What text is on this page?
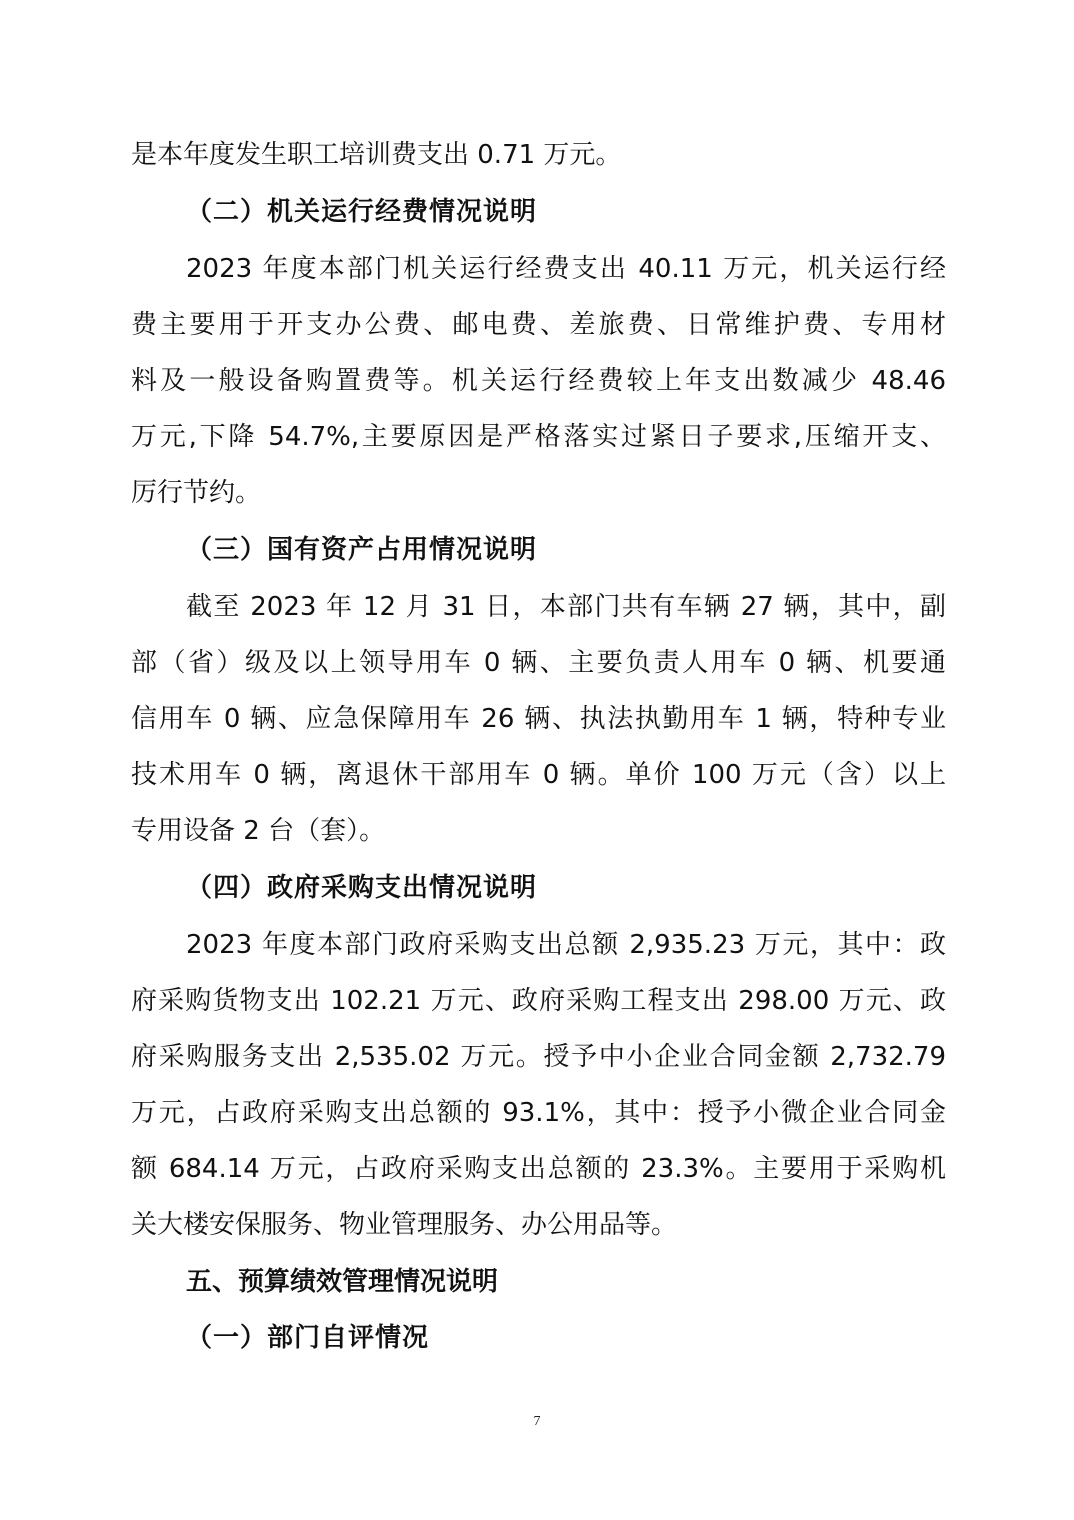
是本年度发生职工培训费支出 0.71 万元。
（二）机关运行经费情况说明
2023 年度本部门机关运行经费支出 40.11 万元，机关运行经
费主要用于开支办公费、邮电费、差旅费、日常维护费、专用材
料及一般设备购置费等。机关运行经费较上年支出数减少 48.46
万元,下降 54.7%,主要原因是严格落实过紧日子要求,压缩开支、
厉行节约。
（三）国有资产占用情况说明
截至 2023 年 12 月 31 日，本部门共有车辆 27 辆，其中，副
部（省）级及以上领导用车 0 辆、主要负责人用车 0 辆、机要通
信用车 0 辆、应急保障用车 26 辆、执法执勤用车 1 辆，特种专业
技术用车 0 辆，离退休干部用车 0 辆。单价 100 万元（含）以上
专用设备 2 台（套）。
（四）政府采购支出情况说明
2023 年度本部门政府采购支出总额 2,935.23 万元，其中：政
府采购货物支出 102.21 万元、政府采购工程支出 298.00 万元、政
府采购服务支出 2,535.02 万元。授予中小企业合同金额 2,732.79
万元，占政府采购支出总额的 93.1%，其中：授予小微企业合同金
额 684.14 万元，占政府采购支出总额的 23.3%。主要用于采购机
关大楼安保服务、物业管理服务、办公用品等。
五、预算绩效管理情况说明
（一）部门自评情况
7
